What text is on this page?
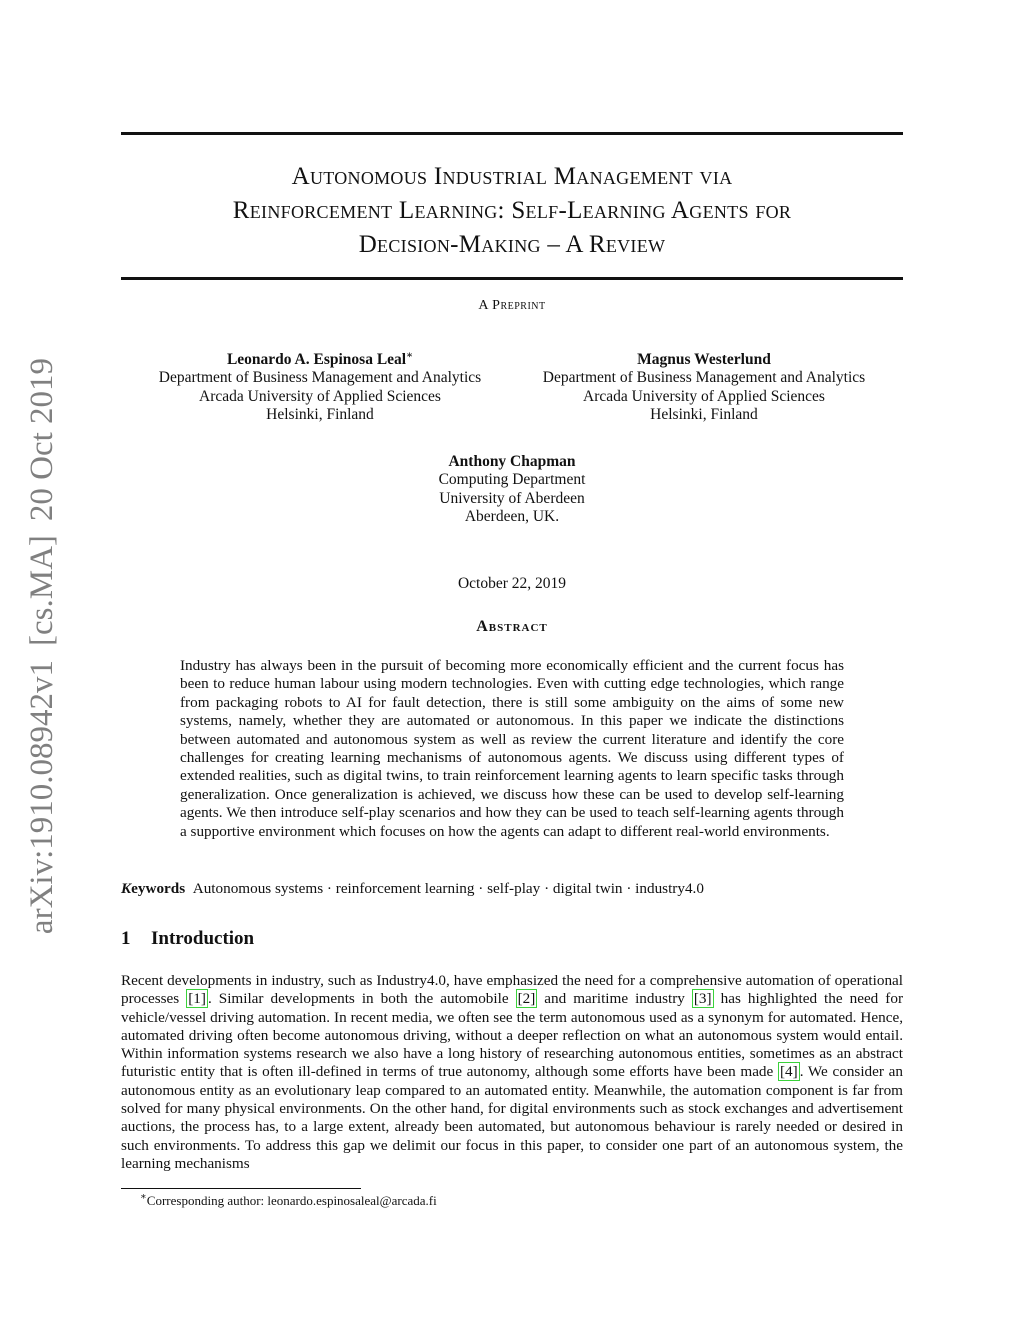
arXiv:1910.08942v1[cs.MA]20 Oct 2019
Autonomous Industrial Management via
Reinforcement Learning: Self-Learning Agents for
Decision-Making – A Review
A Preprint
Leonardo A. Espinosa Leal∗
Department of Business Management and Analytics
Arcada University of Applied Sciences
Helsinki, Finland
Magnus Westerlund
Department of Business Management and Analytics
Arcada University of Applied Sciences
Helsinki, Finland
Anthony Chapman
Computing Department
University of Aberdeen
Aberdeen, UK.
October 22, 2019
Abstract

Industry has always been in the pursuit of becoming more economically efficient and the current focus has been to reduce human labour using modern technologies. Even with cutting edge technologies, which range from packaging robots to AI for fault detection, there is still some ambiguity on the aims of some new systems, namely, whether they are automated or autonomous. In this paper we indicate the distinctions between automated and autonomous system as well as review the current literature and identify the core challenges for creating learning mechanisms of autonomous agents. We discuss using different types of extended realities, such as digital twins, to train reinforcement learning agents to learn specific tasks through generalization. Once generalization is achieved, we discuss how these can be used to develop self-learning agents. We then introduce self-play scenarios and how they can be used to teach self-learning agents through a supportive environment which focuses on how the agents can adapt to different real-world environments.

Keywords Autonomous systems · reinforcement learning · self-play · digital twin · industry4.0
1 Introduction

Recent developments in industry, such as Industry4.0, have emphasized the need for a comprehensive automation of operational processes [1] . Similar developments in both the automobile [2] and maritime industry [3] has highlighted the need for vehicle/vessel driving automation. In recent media, we often see the term autonomous used as a synonym for automated. Hence, automated driving often become autonomous driving, without a deeper reflection on what an autonomous system would entail. Within information systems research we also have a long history of researching autonomous entities, sometimes as an abstract futuristic entity that is often ill-defined in terms of true autonomy, although some efforts have been made [4] . We consider an autonomous entity as an evolutionary leap compared to an automated entity. Meanwhile, the automation component is far from solved for many physical environments. On the other hand, for digital environments such as stock exchanges and advertisement auctions, the process has, to a large extent, already been automated, but autonomous behaviour is rarely needed or desired in such environments. To address this gap we delimit our focus in this paper, to consider one part of an autonomous system, the learning mechanisms

∗Corresponding author: leonardo.espinosaleal@arcada.fi
